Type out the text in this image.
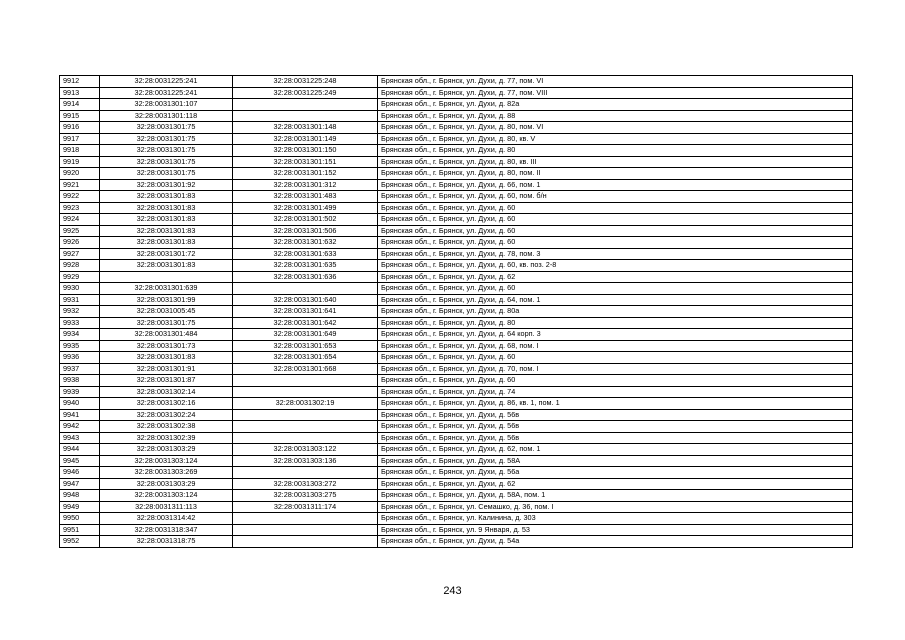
9912	32:28:0031225:241	32:28:0031225:248	Брянская обл., г. Брянск, ул. Духи, д. 77, пом. VI
9913	32:28:0031225:241	32:28:0031225:249	Брянская обл., г. Брянск, ул. Духи, д. 77, пом. VIII
9914	32:28:0031301:107		Брянская обл., г. Брянск, ул. Духи, д. 82а
9915	32:28:0031301:118		Брянская обл., г. Брянск, ул. Духи, д. 88
9916	32:28:0031301:75	32:28:0031301:148	Брянская обл., г. Брянск, ул. Духи, д. 80, пом. VI
9917	32:28:0031301:75	32:28:0031301:149	Брянская обл., г. Брянск, ул. Духи, д. 80, кв. V
9918	32:28:0031301:75	32:28:0031301:150	Брянская обл., г. Брянск, ул. Духи, д. 80
9919	32:28:0031301:75	32:28:0031301:151	Брянская обл., г. Брянск, ул. Духи, д. 80, кв. III
9920	32:28:0031301:75	32:28:0031301:152	Брянская обл., г. Брянск, ул. Духи, д. 80, пом. II
9921	32:28:0031301:92	32:28:0031301:312	Брянская обл., г. Брянск, ул. Духи, д. 66, пом. 1
9922	32:28:0031301:83	32:28:0031301:483	Брянская обл., г. Брянск, ул. Духи, д. 60, пом. б/н
9923	32:28:0031301:83	32:28:0031301:499	Брянская обл., г. Брянск, ул. Духи, д. 60
9924	32:28:0031301:83	32:28:0031301:502	Брянская обл., г. Брянск, ул. Духи, д. 60
9925	32:28:0031301:83	32:28:0031301:506	Брянская обл., г. Брянск, ул. Духи, д. 60
9926	32:28:0031301:83	32:28:0031301:632	Брянская обл., г. Брянск, ул. Духи, д. 60
9927	32:28:0031301:72	32:28:0031301:633	Брянская обл., г. Брянск, ул. Духи, д. 78, пом. 3
9928	32:28:0031301:83	32:28:0031301:635	Брянская обл., г. Брянск, ул. Духи, д. 60, кв. поз. 2-8
9929		32:28:0031301:636	Брянская обл., г. Брянск, ул. Духи, д. 62
9930	32:28:0031301:639		Брянская обл., г. Брянск, ул. Духи, д. 60
9931	32:28:0031301:99	32:28:0031301:640	Брянская обл., г. Брянск, ул. Духи, д. 64, пом. 1
9932	32:28:0031005:45	32:28:0031301:641	Брянская обл., г. Брянск, ул. Духи, д. 80а
9933	32:28:0031301:75	32:28:0031301:642	Брянская обл., г. Брянск, ул. Духи, д. 80
9934	32:28:0031301:484	32:28:0031301:649	Брянская обл., г. Брянск, ул. Духи, д. 64 корп. 3
9935	32:28:0031301:73	32:28:0031301:653	Брянская обл., г. Брянск, ул. Духи, д. 68, пом. I
9936	32:28:0031301:83	32:28:0031301:654	Брянская обл., г. Брянск, ул. Духи, д. 60
9937	32:28:0031301:91	32:28:0031301:668	Брянская обл., г. Брянск, ул. Духи, д. 70, пом. I
9938	32:28:0031301:87		Брянская обл., г. Брянск, ул. Духи, д. 60
9939	32:28:0031302:14		Брянская обл., г. Брянск, ул. Духи, д. 74
9940	32:28:0031302:16	32:28:0031302:19	Брянская обл., г. Брянск, ул. Духи, д. 86, кв. 1, пом. 1
9941	32:28:0031302:24		Брянская обл., г. Брянск, ул. Духи, д. 56в
9942	32:28:0031302:38		Брянская обл., г. Брянск, ул. Духи, д. 56в
9943	32:28:0031302:39		Брянская обл., г. Брянск, ул. Духи, д. 56в
9944	32:28:0031303:29	32:28:0031303:122	Брянская обл., г. Брянск, ул. Духи, д. 62, пом. 1
9945	32:28:0031303:124	32:28:0031303:136	Брянская обл., г. Брянск, ул. Духи, д. 58А
9946	32:28:0031303:269		Брянская обл., г. Брянск, ул. Духи, д. 56а
9947	32:28:0031303:29	32:28:0031303:272	Брянская обл., г. Брянск, ул. Духи, д. 62
9948	32:28:0031303:124	32:28:0031303:275	Брянская обл., г. Брянск, ул. Духи, д. 58А, пом. 1
9949	32:28:0031311:113	32:28:0031311:174	Брянская обл., г. Брянск, ул. Семашко, д. 36, пом. I
9950	32:28:0031314:42		Брянская обл., г. Брянск, ул. Калинина, д. 303
9951	32:28:0031318:347		Брянская обл., г. Брянск, ул. 9 Января, д. 53
9952	32:28:0031318:75		Брянская обл., г. Брянск, ул. Духи, д. 54а
243
